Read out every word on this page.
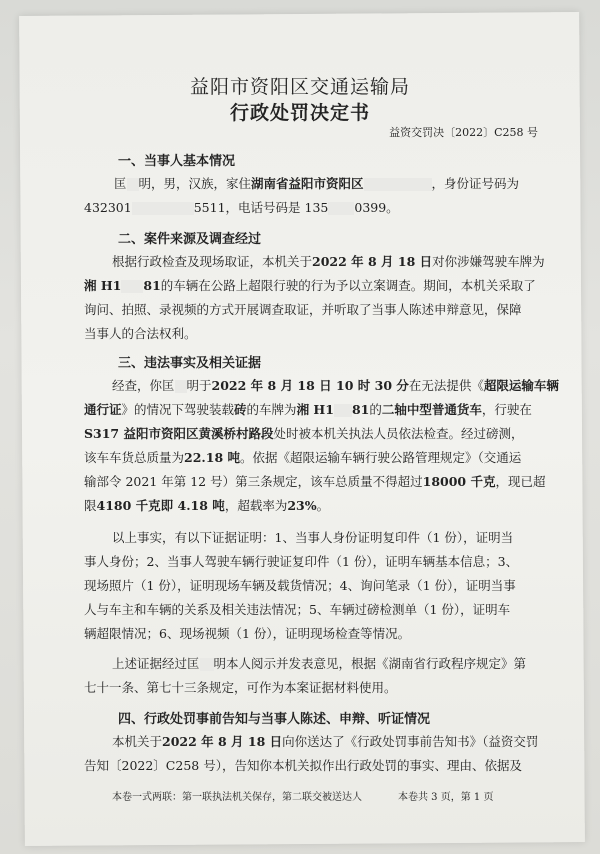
益阳市资阳区交通运输局
行政处罚决定书
益资交罚决〔2022〕C258 号
一、当事人基本情况
匡 明，男，汉族，家住湖南省益阳市资阳区	，身份证号码为
432301	5511，电话号码是 135 0399。
二、案件来源及调查经过
根据行政检查及现场取证，本机关于2022 年 8 月 18 日对你涉嫌驾驶车牌为
湘 H1 81的车辆在公路上超限行驶的行为予以立案调查。期间，本机关采取了
询问、拍照、录视频的方式开展调查取证，并听取了当事人陈述申辩意见，保障
当事人的合法权利。
三、违法事实及相关证据
经查，你匡 明于2022 年 8 月 18 日 10 时 30 分在无法提供《超限运输车辆
通行证》的情况下驾驶装载砖的车牌为湘 H1 81的二轴中型普通货车，行驶在
S317 益阳市资阳区黄溪桥村路段处时被本机关执法人员依法检查。经过磅测，
该车车货总质量为22.18 吨。依据《超限运输车辆行驶公路管理规定》（交通运
输部令 2021 年第 12 号）第三条规定，该车总质量不得超过18000 千克，现已超
限4180 千克即 4.18 吨，超载率为23%。
以上事实，有以下证据证明：1、当事人身份证明复印件（1 份），证明当
事人身份；2、当事人驾驶车辆行驶证复印件（1 份），证明车辆基本信息；3、
现场照片（1 份），证明现场车辆及载货情况；4、询问笔录（1 份），证明当事
人与车主和车辆的关系及相关违法情况；5、车辆过磅检测单（1 份），证明车
辆超限情况；6、现场视频（1 份），证明现场检查等情况。
上述证据经过匡 明本人阅示并发表意见，根据《湖南省行政程序规定》第
七十一条、第七十三条规定，可作为本案证据材料使用。
四、行政处罚事前告知与当事人陈述、申辩、听证情况
本机关于2022 年 8 月 18 日向你送达了《行政处罚事前告知书》（益资交罚
告知〔2022〕C258 号），告知你本机关拟作出行政处罚的事实、理由、依据及
本卷一式两联：第一联执法机关保存，第二联交被送达人	本卷共 3 页，第 1 页
